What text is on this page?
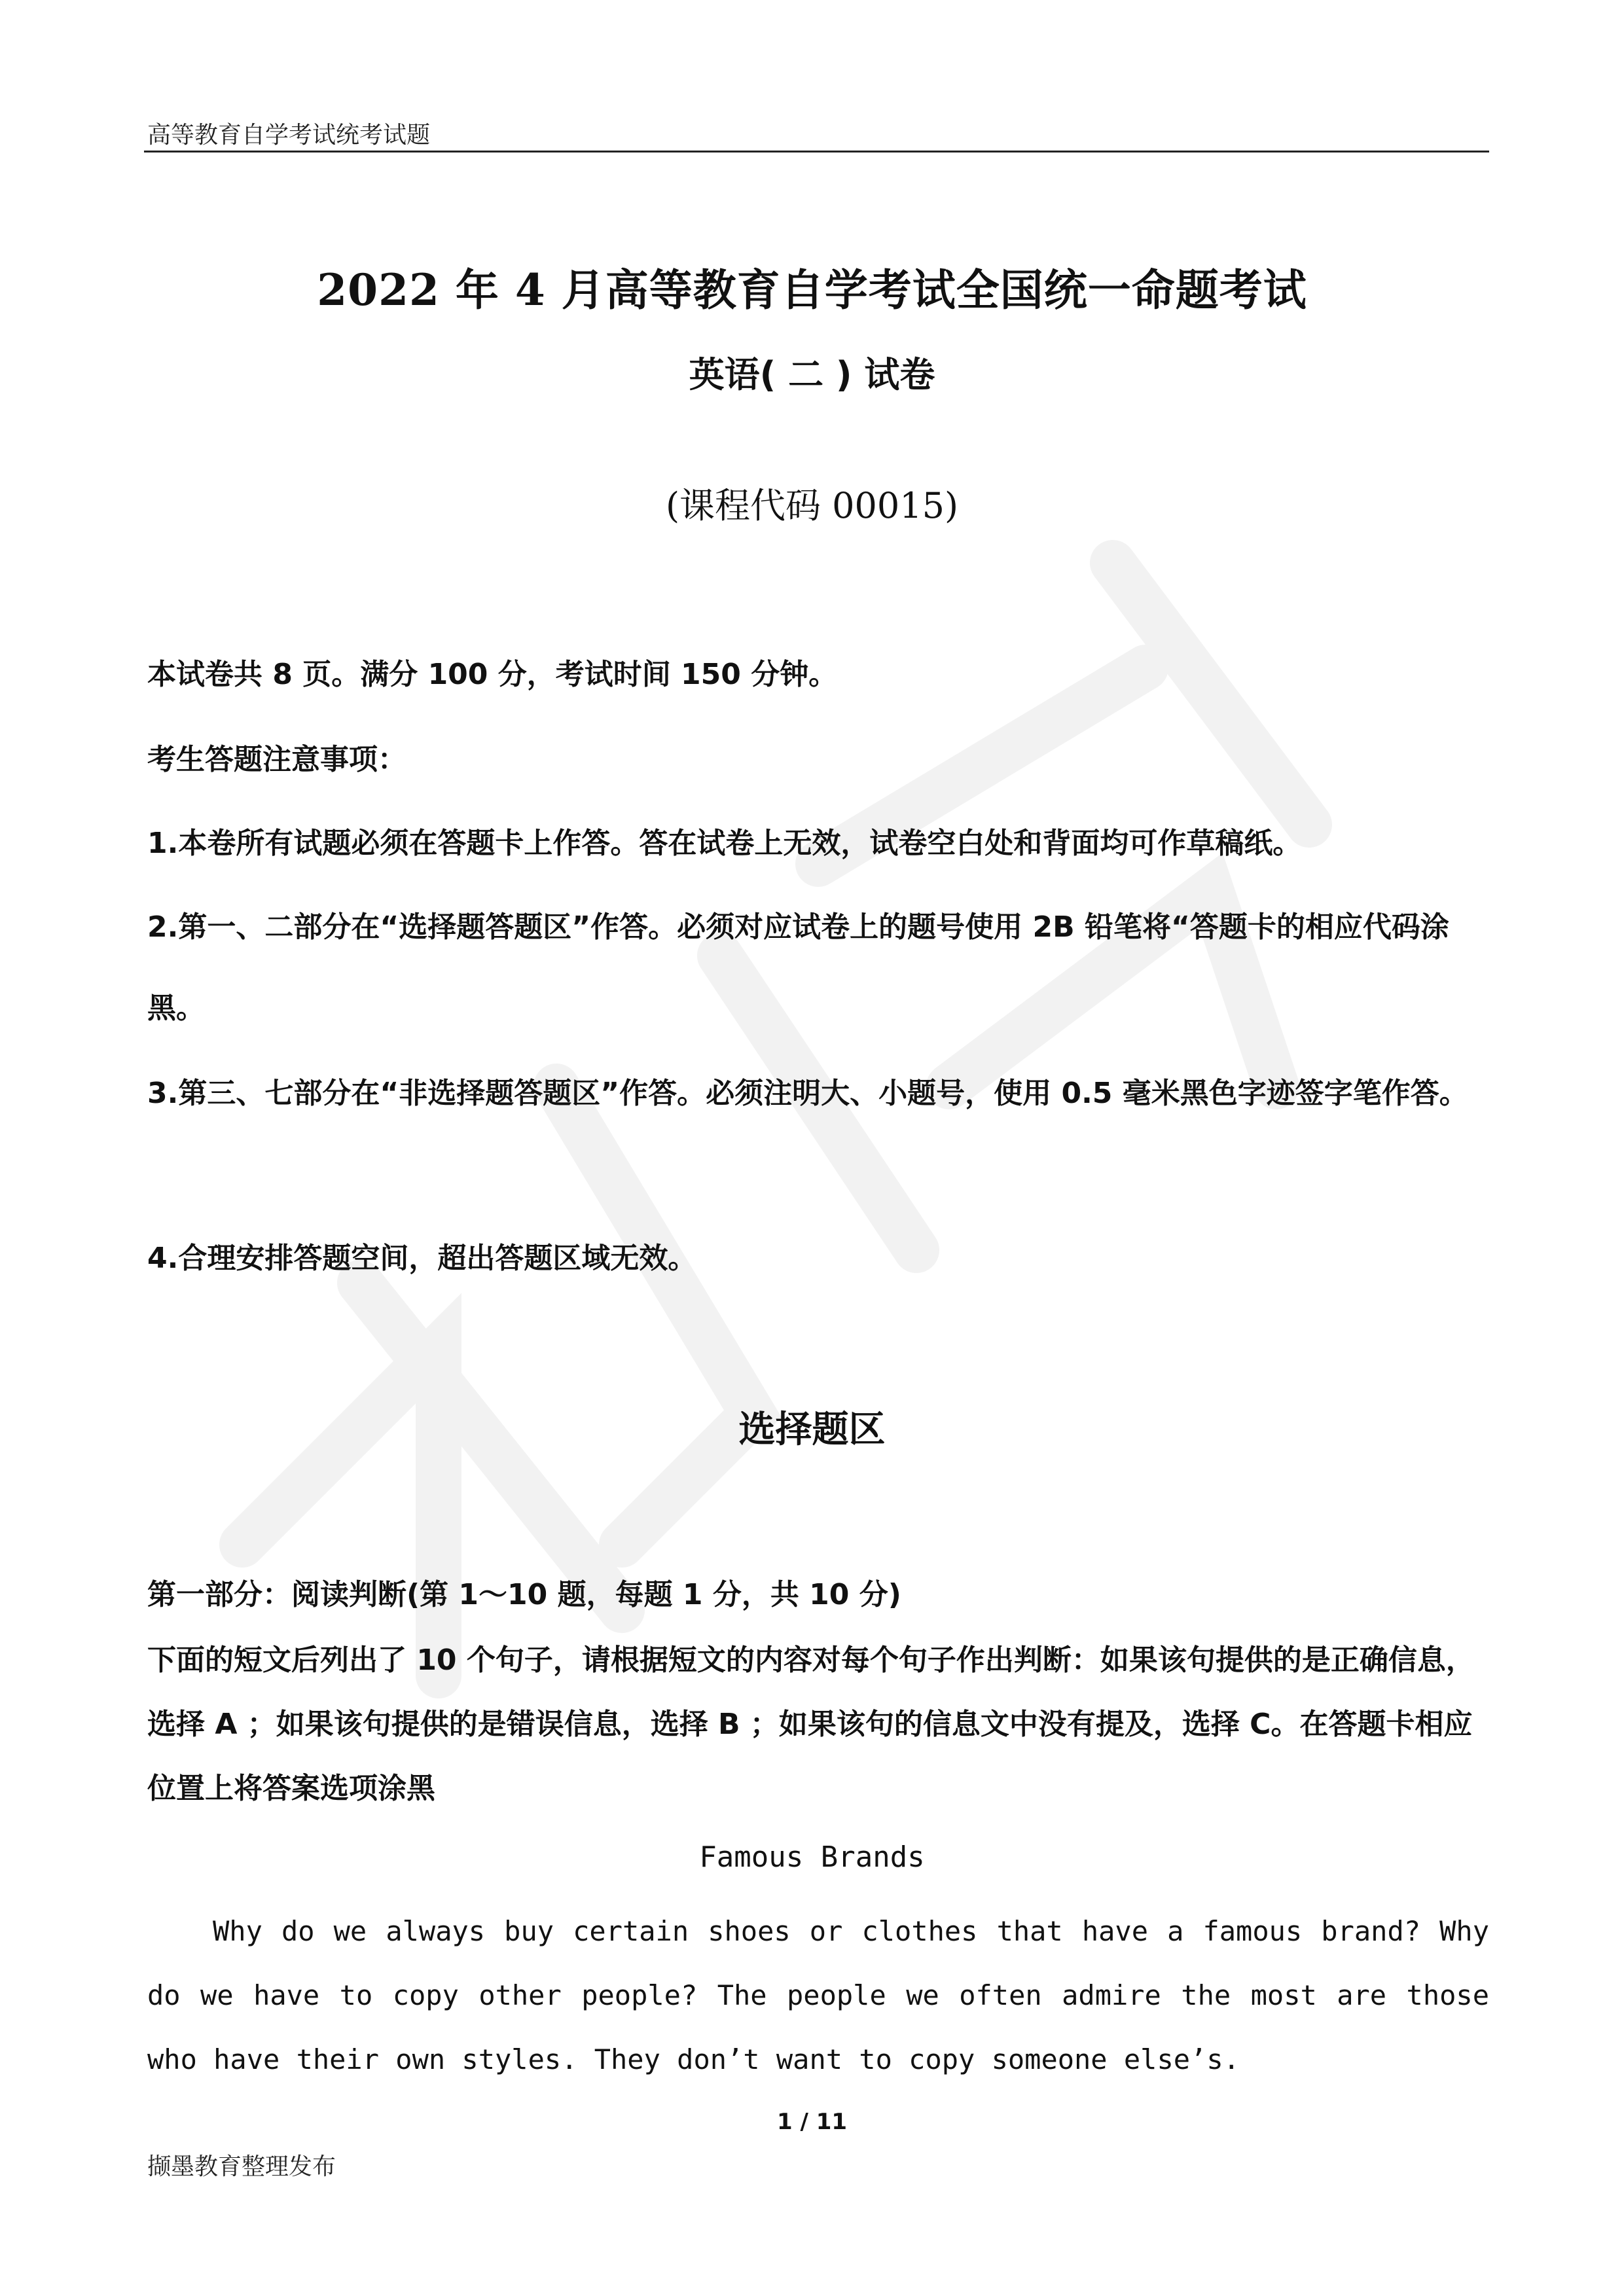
高等教育自学考试统考试题
2022 年 4 月高等教育自学考试全国统一命题考试
英语( 二 ) 试卷
(课程代码 00015)
本试卷共 8 页。满分 100 分，考试时间 150 分钟。
考生答题注意事项：
1.本卷所有试题必须在答题卡上作答。答在试卷上无效，试卷空白处和背面均可作草稿纸。
2.第一、二部分在“选择题答题区”作答。必须对应试卷上的题号使用 2B 铅笔将“答题卡的相应代码涂黑。
3.第三、七部分在“非选择题答题区”作答。必须注明大、小题号，使用 0.5 毫米黑色字迹签字笔作答。
4.合理安排答题空间，超出答题区域无效。
选择题区
第一部分：阅读判断(第 1～10 题，每题 1 分，共 10 分)

下面的短文后列出了 10 个句子，请根据短文的内容对每个句子作出判断：如果该句提供的是正确信息，选择 A ；如果该句提供的是错误信息，选择 B ；如果该句的信息文中没有提及，选择 C。在答题卡相应位置上将答案选项涂黑

Famous Brands

Why do we always buy certain shoes or clothes that have a famous brand? Why do we have to copy other people? The people we often admire the most are those who have their own styles. They don’t want to copy someone else’s.

1 / 11
撷墨教育整理发布
